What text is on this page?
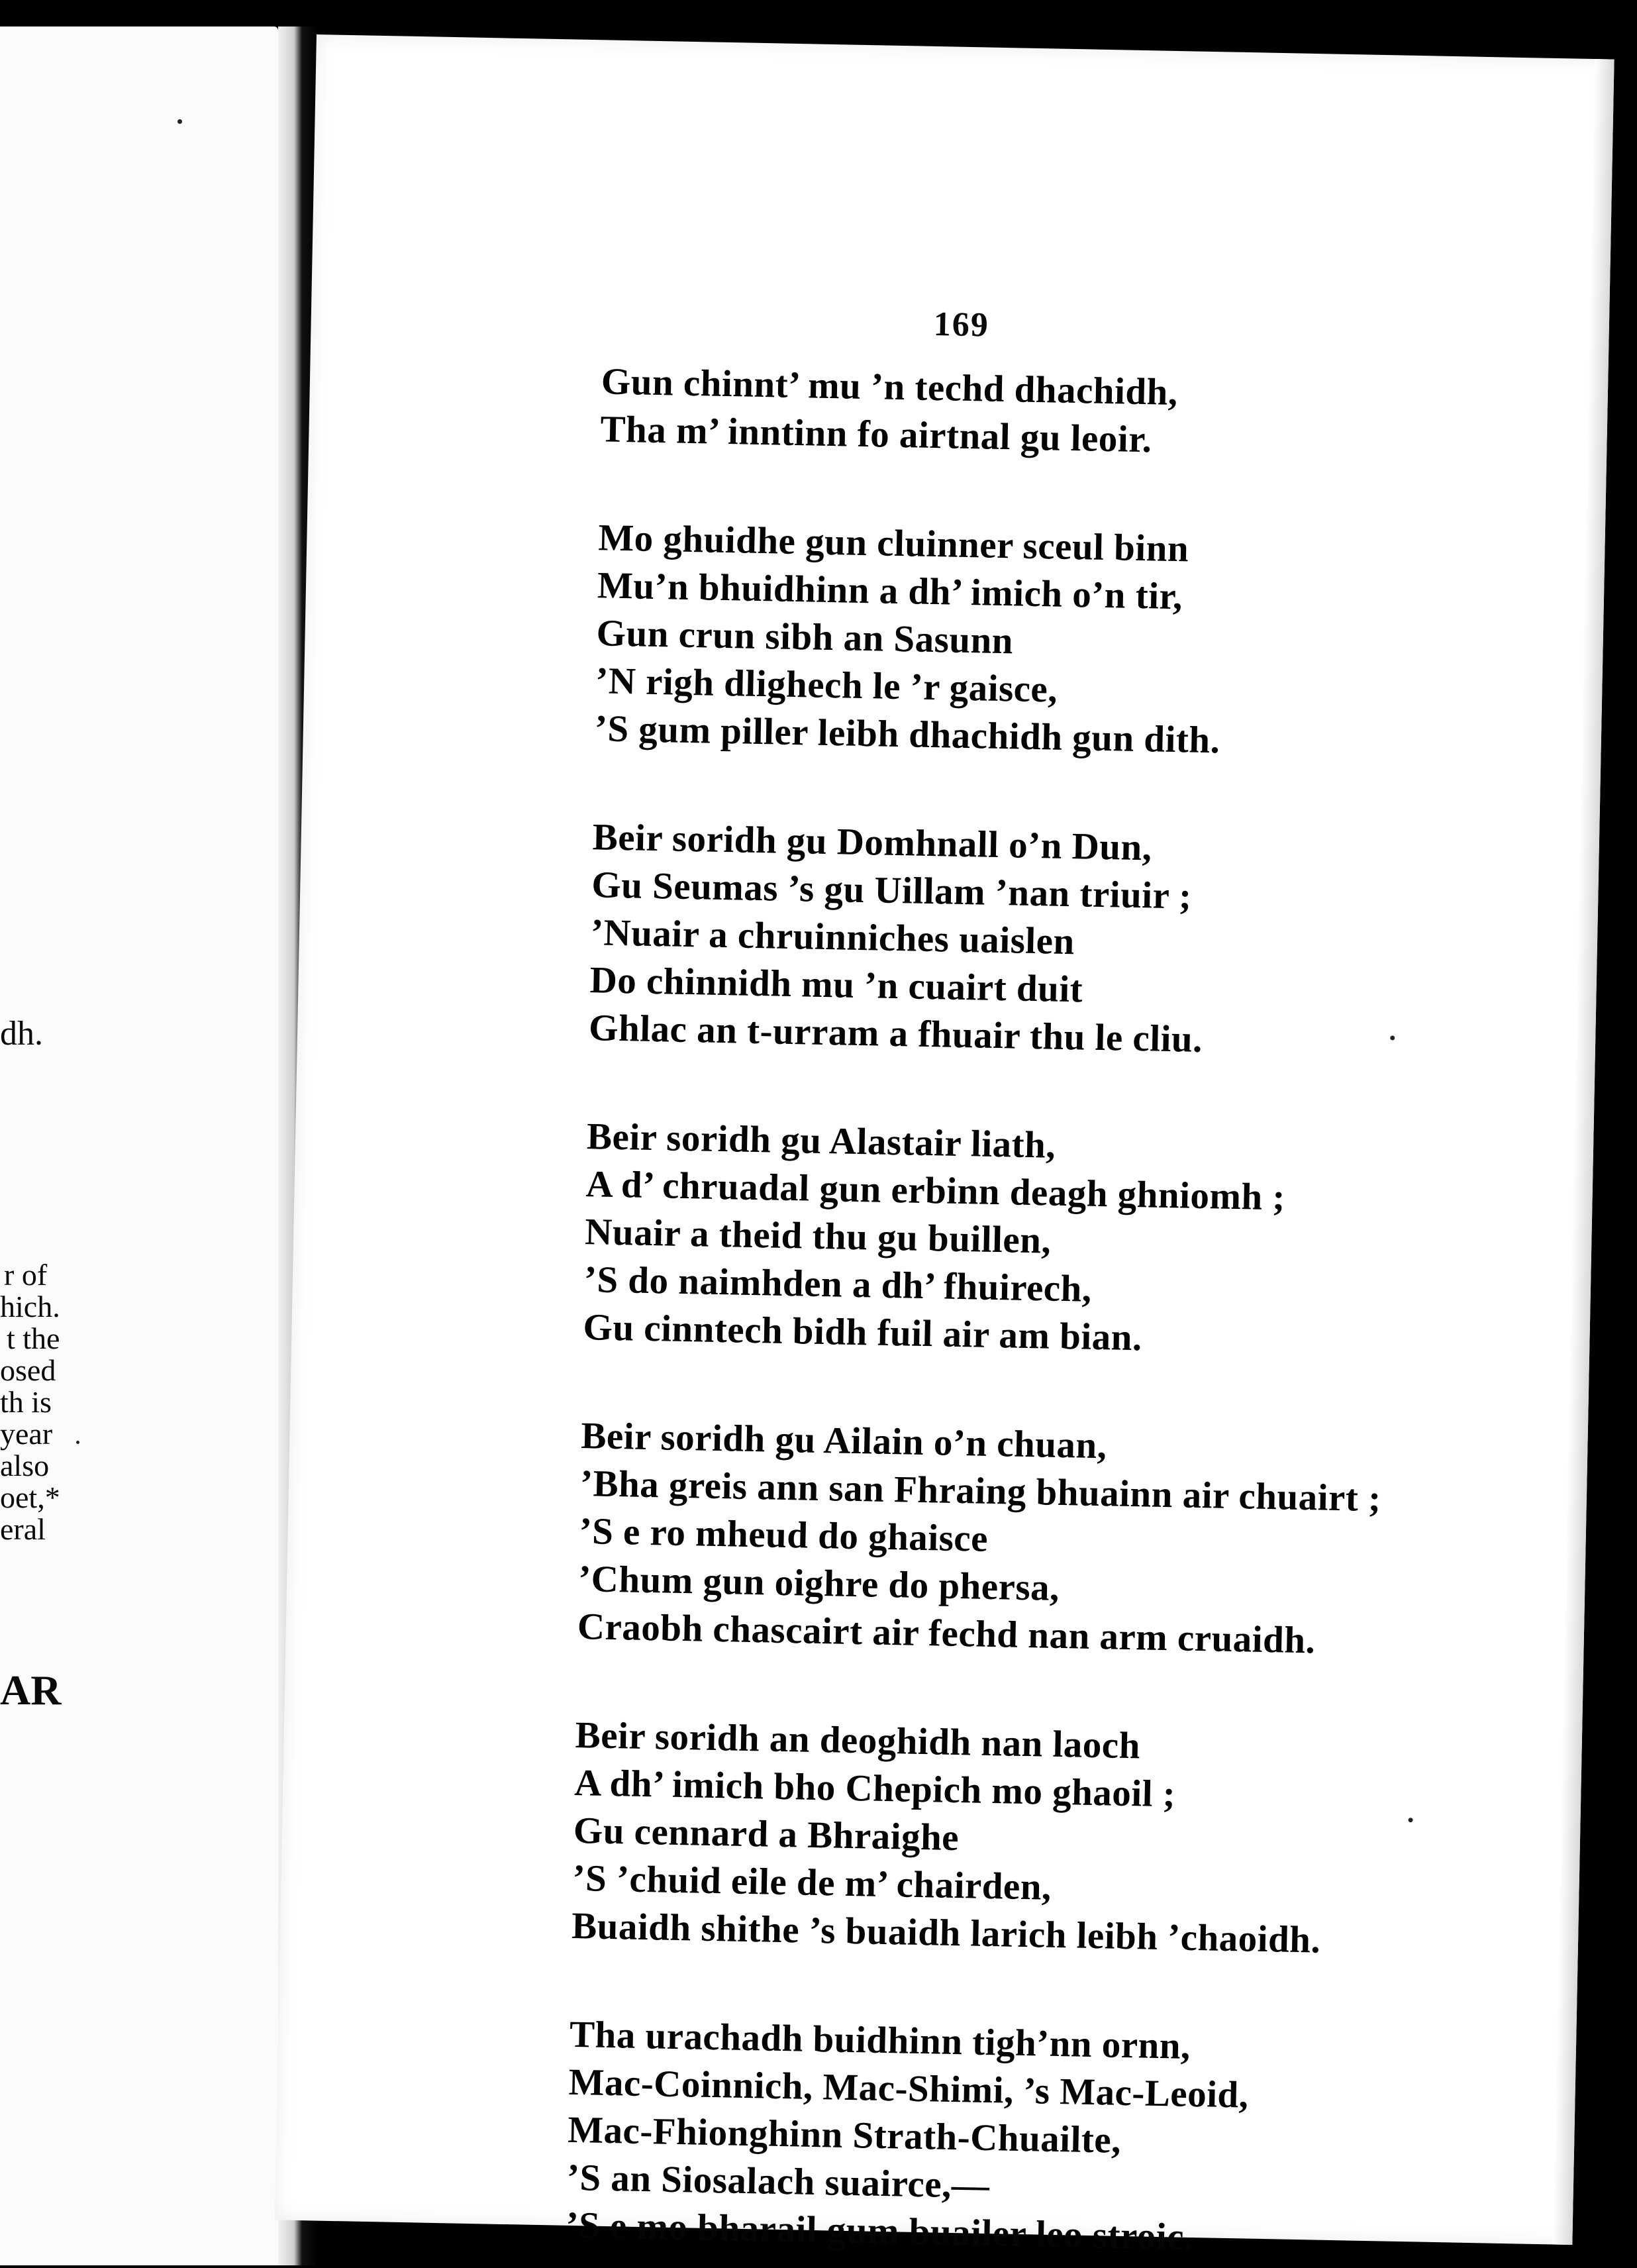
dh.
r of
hich.
t the
osed
th is
year
also
oet,*
eral
AR
169
Gun chinnt’ mu ’n techd dhachidh,
Tha m’ inntinn fo airtnal gu leoir.
Mo ghuidhe gun cluinner sceul binn
Mu’n bhuidhinn a dh’ imich o’n tir,
Gun crun sibh an Sasunn
’N righ dlighech le ’r gaisce,
’S gum piller leibh dhachidh gun dith.
Beir soridh gu Domhnall o’n Dun,
Gu Seumas ’s gu Uillam ’nan triuir ;
’Nuair a chruinniches uaislen
Do chinnidh mu ’n cuairt duit
Ghlac an t-urram a fhuair thu le cliu.
Beir soridh gu Alastair liath,
A d’ chruadal gun erbinn deagh ghniomh ;
Nuair a theid thu gu buillen,
’S do naimhden a dh’ fhuirech,
Gu cinntech bidh fuil air am bian.
Beir soridh gu Ailain o’n chuan,
’Bha greis ann san Fhraing bhuainn air chuairt ;
’S e ro mheud do ghaisce
’Chum gun oighre do phersa,
Craobh chascairt air fechd nan arm cruaidh.
Beir soridh an deoghidh nan laoch
A dh’ imich bho Chepich mo ghaoil ;
Gu cennard a Bhraighe
’S ’chuid eile de m’ chairden,
Buaidh shithe ’s buaidh larich leibh ’chaoidh.
Tha urachadh buidhinn tigh’nn ornn,
Mac-Coinnich, Mac-Shimi, ’s Mac-Leoid,
Mac-Fhionghinn Strath-Chuailte,
’S an Siosalach suairce,—
’S e mo bharail gum buailer leo stroic.
